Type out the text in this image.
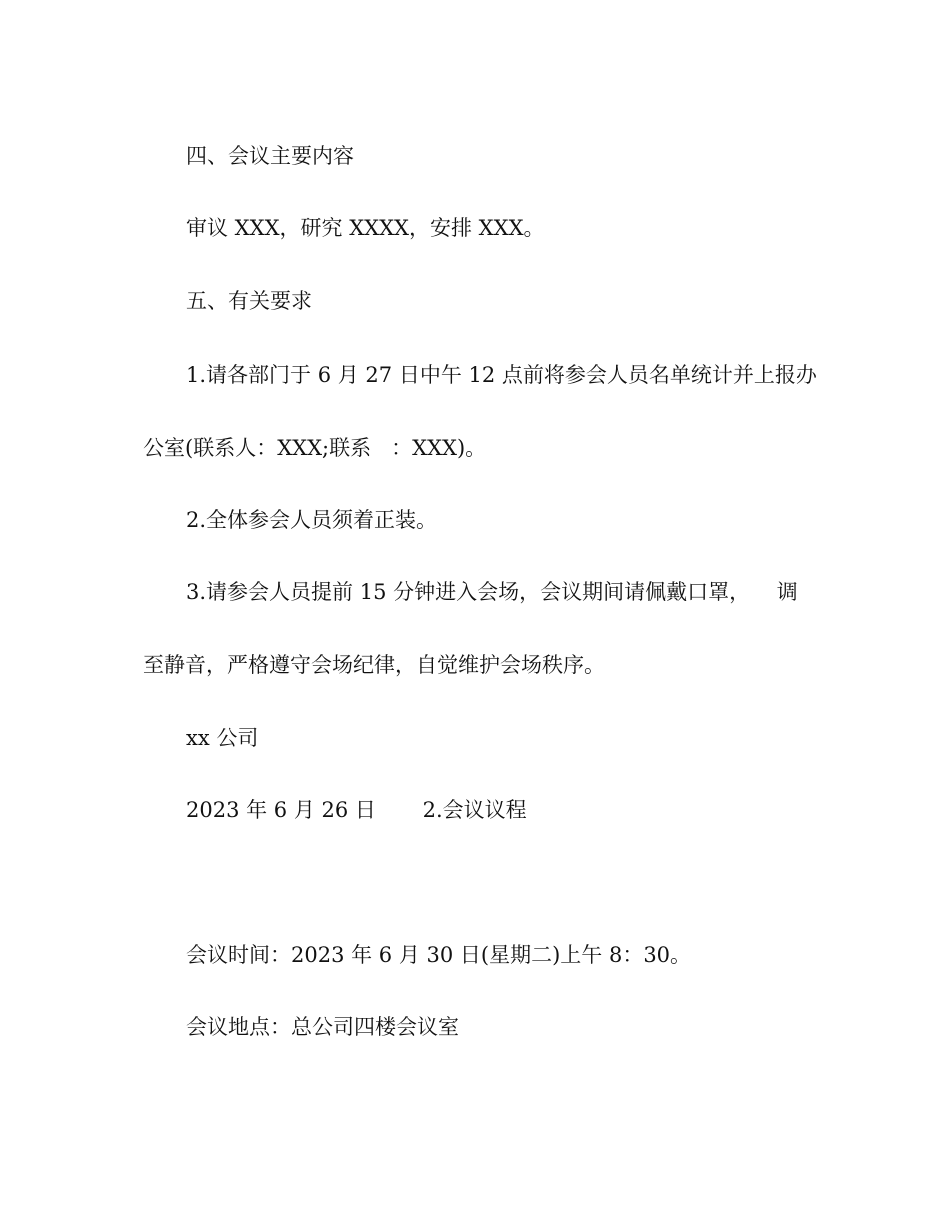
四、会议主要内容

审议 XXX，研究 XXXX，安排 XXX。

五、有关要求

1.请各部门于 6 月 27 日中午 12 点前将参会人员名单统计并上报办

公室(联系人：XXX;联系   ：XXX)。

2.全体参会人员须着正装。

3.请参会人员提前 15 分钟进入会场，会议期间请佩戴口罩，    调

至静音，严格遵守会场纪律，自觉维护会场秩序。

xx 公司

2023 年 6 月 26 日       2.会议议程

会议时间：2023 年 6 月 30 日(星期二)上午 8：30。

会议地点：总公司四楼会议室
